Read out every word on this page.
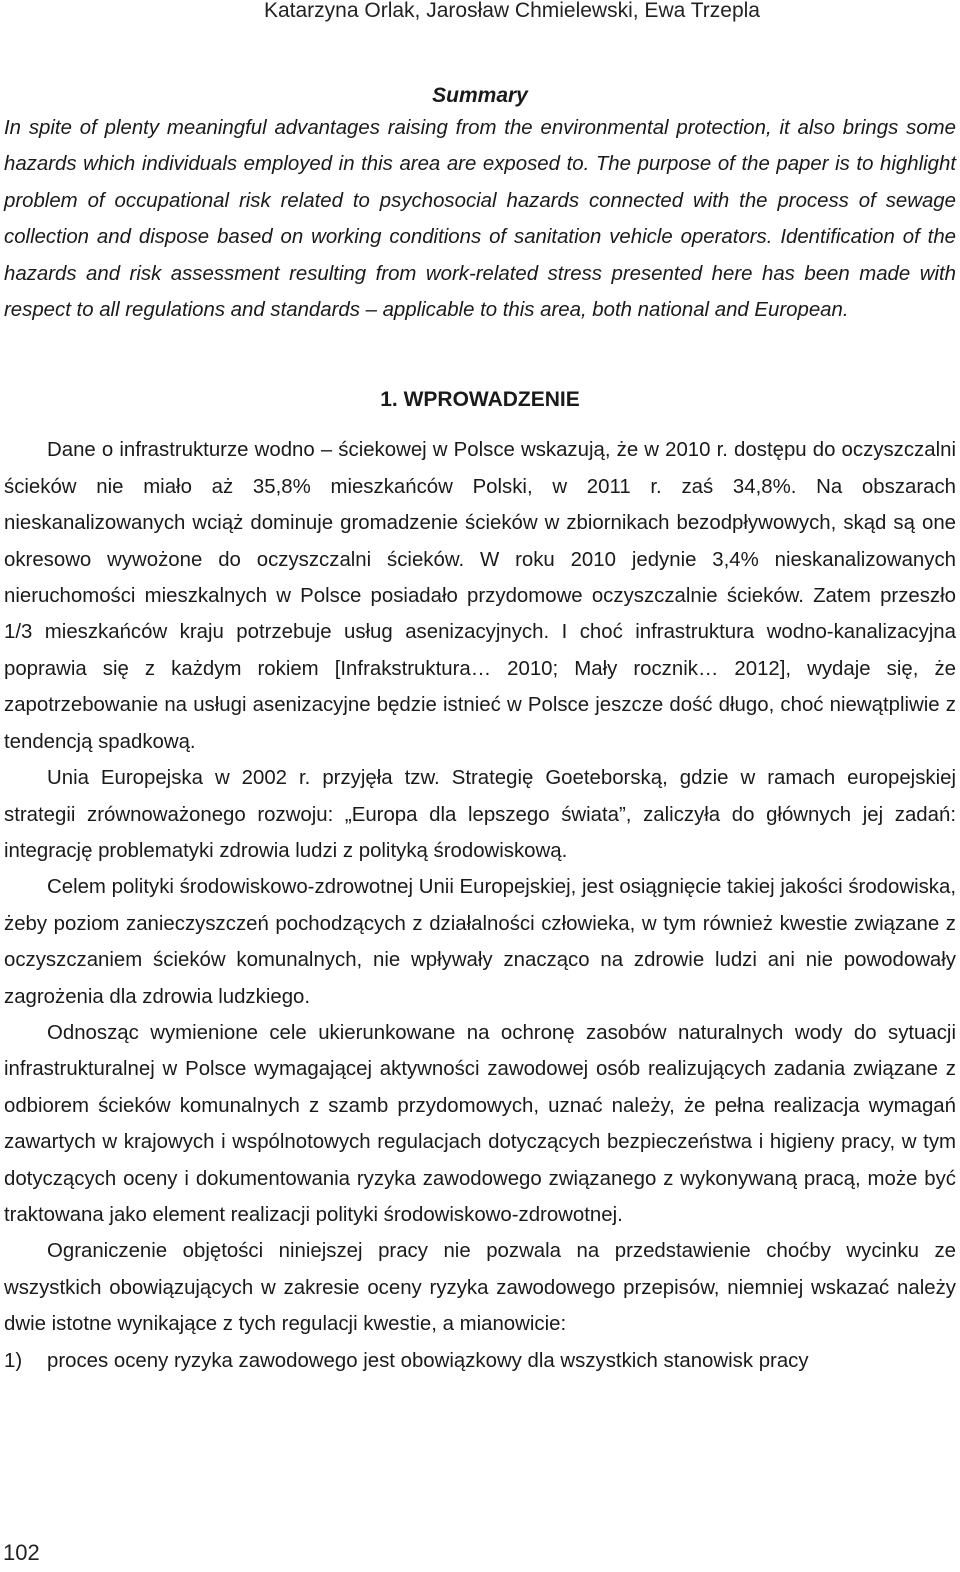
Katarzyna Orlak, Jarosław Chmielewski, Ewa Trzepla
Summary

In spite of plenty meaningful advantages raising from the environmental protection, it also brings some hazards which individuals employed in this area are exposed to. The purpose of the paper is to highlight problem of occupational risk related to psychosocial hazards connected with the process of sewage collection and dispose based on working conditions of sanitation vehicle operators. Identification of the hazards and risk assessment resulting from work-related stress presented here has been made with respect to all regulations and standards – applicable to this area, both national and European.

1. WPROWADZENIE

Dane o infrastrukturze wodno – ściekowej w Polsce wskazują, że w 2010 r. dostępu do oczyszczalni ścieków nie miało aż 35,8% mieszkańców Polski, w 2011 r. zaś 34,8%. Na obszarach nieskanalizowanych wciąż dominuje gromadzenie ścieków w zbiornikach bezodpływowych, skąd są one okresowo wywożone do oczyszczalni ścieków. W roku 2010 jedynie 3,4% nieskanalizowanych nieruchomości mieszkalnych w Polsce posiadało przydomowe oczyszczalnie ścieków. Zatem przeszło 1/3 mieszkańców kraju potrzebuje usług asenizacyjnych. I choć infrastruktura wodno-kanalizacyjna poprawia się z każdym rokiem [Infrakstruktura… 2010; Mały rocznik… 2012], wydaje się, że zapotrzebowanie na usługi asenizacyjne będzie istnieć w Polsce jeszcze dość długo, choć niewątpliwie z tendencją spadkową.

Unia Europejska w 2002 r. przyjęła tzw. Strategię Goeteborską, gdzie w ramach europejskiej strategii zrównoważonego rozwoju: „Europa dla lepszego świata”, zaliczyła do głównych jej zadań: integrację problematyki zdrowia ludzi z polityką środowiskową.

Celem polityki środowiskowo-zdrowotnej Unii Europejskiej, jest osiągnięcie takiej jakości środowiska, żeby poziom zanieczyszczeń pochodzących z działalności człowieka, w tym również kwestie związane z oczyszczaniem ścieków komunalnych, nie wpływały znacząco na zdrowie ludzi ani nie powodowały zagrożenia dla zdrowia ludzkiego.

Odnosząc wymienione cele ukierunkowane na ochronę zasobów naturalnych wody do sytuacji infrastrukturalnej w Polsce wymagającej aktywności zawodowej osób realizujących zadania związane z odbiorem ścieków komunalnych z szamb przydomowych, uznać należy, że pełna realizacja wymagań zawartych w krajowych i wspólnotowych regulacjach dotyczących bezpieczeństwa i higieny pracy, w tym dotyczących oceny i dokumentowania ryzyka zawodowego związanego z wykonywaną pracą, może być traktowana jako element realizacji polityki środowiskowo-zdrowotnej.

Ograniczenie objętości niniejszej pracy nie pozwala na przedstawienie choćby wycinku ze wszystkich obowiązujących w zakresie oceny ryzyka zawodowego przepisów, niemniej wskazać należy dwie istotne wynikające z tych regulacji kwestie, a mianowicie:

1)	proces oceny ryzyka zawodowego jest obowiązkowy dla wszystkich stanowisk pracy
102
